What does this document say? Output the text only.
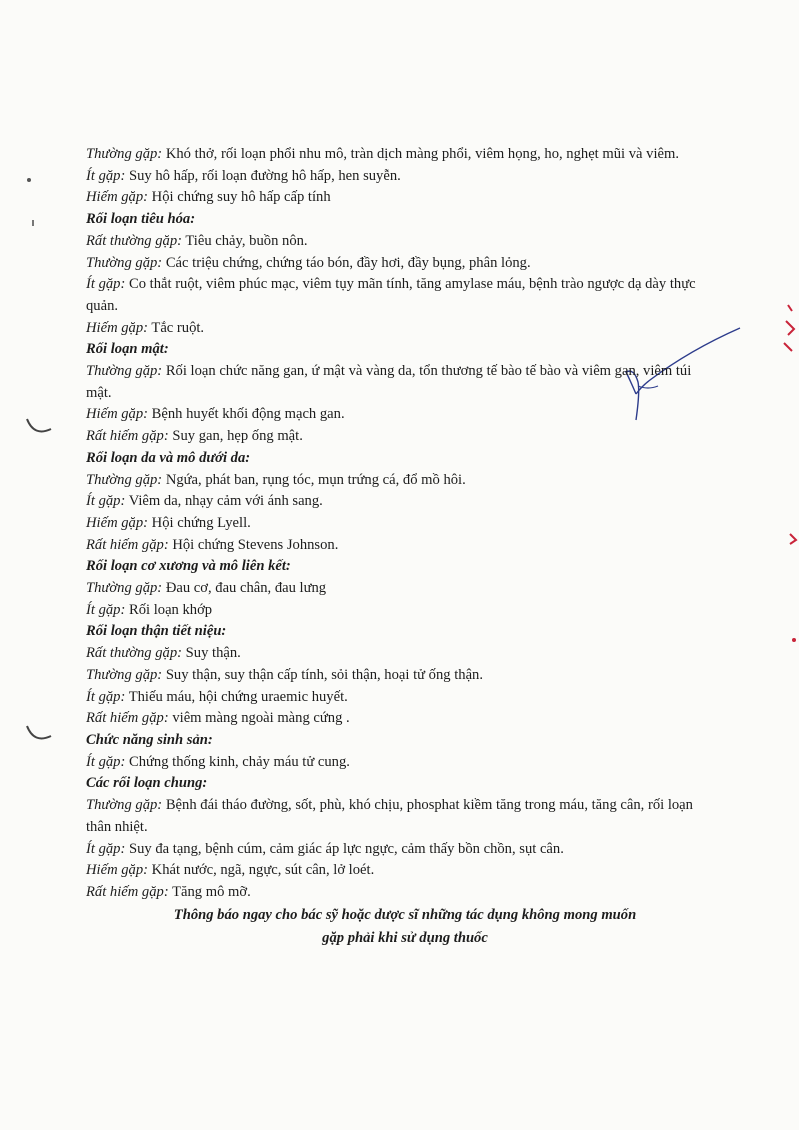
Thường gặp: Khó thở, rối loạn phổi nhu mô, tràn dịch màng phổi, viêm họng, ho, nghẹt mũi và viêm.

Ít gặp: Suy hô hấp, rối loạn đường hô hấp, hen suyễn.

Hiếm gặp: Hội chứng suy hô hấp cấp tính

Rối loạn tiêu hóa:

Rất thường gặp: Tiêu chảy, buồn nôn.

Thường gặp: Các triệu chứng, chứng táo bón, đầy hơi, đầy bụng, phân lỏng.

Ít gặp: Co thắt ruột, viêm phúc mạc, viêm tụy mãn tính, tăng amylase máu, bệnh trào ngược dạ dày thực quản.

Hiếm gặp: Tắc ruột.

Rối loạn mật:

Thường gặp: Rối loạn chức năng gan, ứ mật và vàng da, tổn thương tế bào tế bào và viêm gan, viêm túi mật.

Hiếm gặp: Bệnh huyết khối động mạch gan.

Rất hiếm gặp: Suy gan, hẹp ống mật.

Rối loạn da và mô dưới da:

Thường gặp: Ngứa, phát ban, rụng tóc, mụn trứng cá, đổ mồ hôi.

Ít gặp: Viêm da, nhạy cảm với ánh sang.

Hiếm gặp: Hội chứng Lyell.

Rất hiếm gặp: Hội chứng Stevens Johnson.

Rối loạn cơ xương và mô liên kết:

Thường gặp: Đau cơ, đau chân, đau lưng

Ít gặp: Rối loạn khớp

Rối loạn thận tiết niệu:

Rất thường gặp: Suy thận.

Thường gặp: Suy thận, suy thận cấp tính, sỏi thận, hoại tử ống thận.

Ít gặp: Thiếu máu, hội chứng uraemic huyết.

Rất hiếm gặp: viêm màng ngoài màng cứng .

Chức năng sinh sản:

Ít gặp: Chứng thống kinh, chảy máu tử cung.

Các rối loạn chung:

Thường gặp: Bệnh đái tháo đường, sốt, phù, khó chịu, phosphat kiềm tăng trong máu, tăng cân, rối loạn thân nhiệt.

Ít gặp: Suy đa tạng, bệnh cúm, cảm giác áp lực ngực, cảm thấy bồn chồn, sụt cân.

Hiếm gặp: Khát nước, ngã, ngực, sút cân, lở loét.

Rất hiếm gặp: Tăng mô mỡ.

Thông báo ngay cho bác sỹ hoặc dược sĩ những tác dụng không mong muốn
gặp phải khi sử dụng thuốc
